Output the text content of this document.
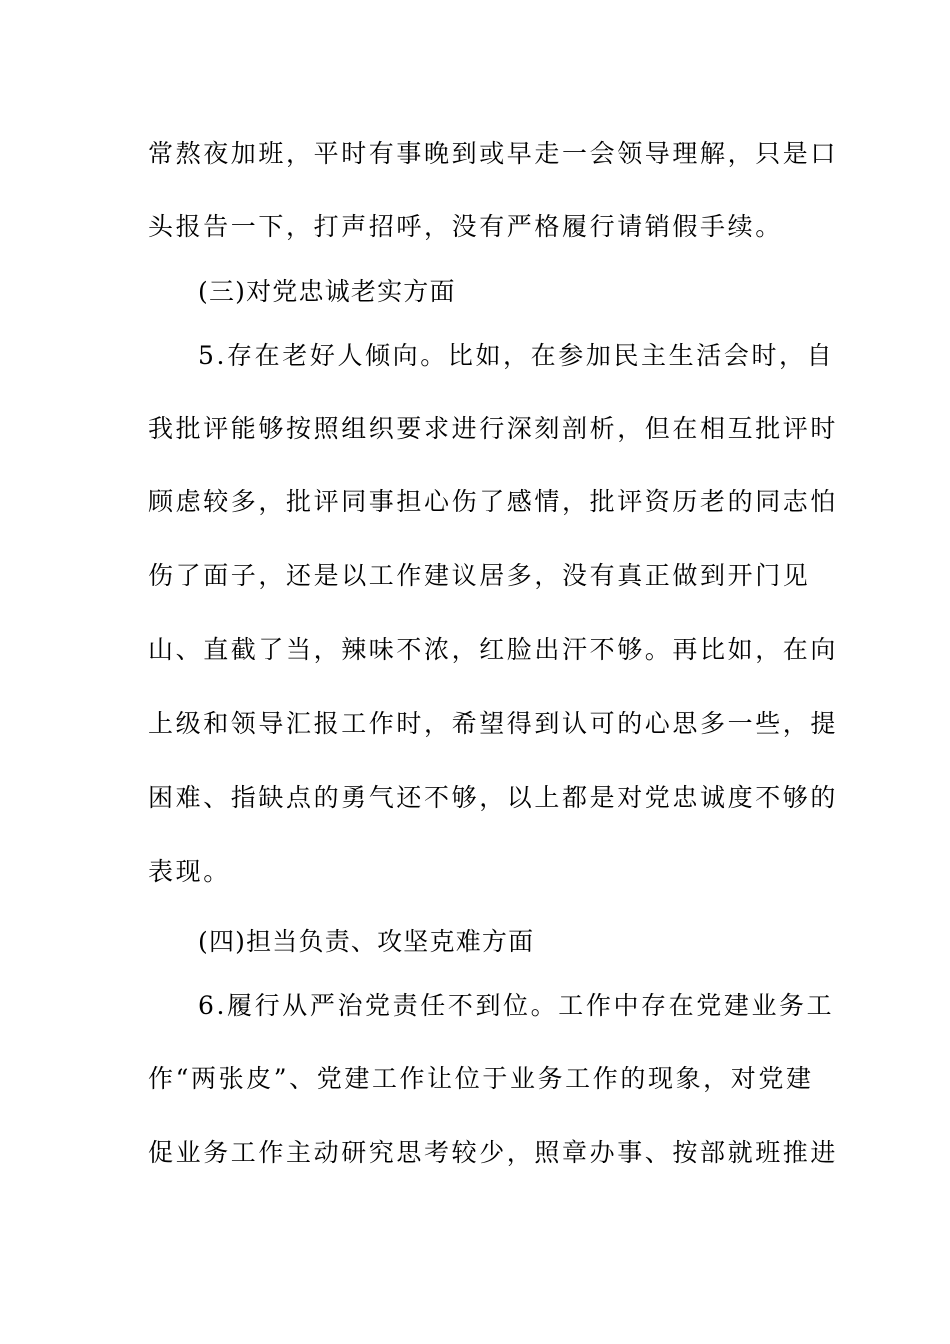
常熬夜加班，平时有事晚到或早走一会领导理解，只是口
头报告一下，打声招呼，没有严格履行请销假手续。
(三)对党忠诚老实方面
5.存在老好人倾向。比如，在参加民主生活会时，自
我批评能够按照组织要求进行深刻剖析，但在相互批评时
顾虑较多，批评同事担心伤了感情，批评资历老的同志怕
伤了面子，还是以工作建议居多，没有真正做到开门见
山、直截了当，辣味不浓，红脸出汗不够。再比如，在向
上级和领导汇报工作时，希望得到认可的心思多一些，提
困难、指缺点的勇气还不够，以上都是对党忠诚度不够的
表现。
(四)担当负责、攻坚克难方面
6.履行从严治党责任不到位。工作中存在党建业务工
作“两张皮”、党建工作让位于业务工作的现象，对党建
促业务工作主动研究思考较少，照章办事、按部就班推进
